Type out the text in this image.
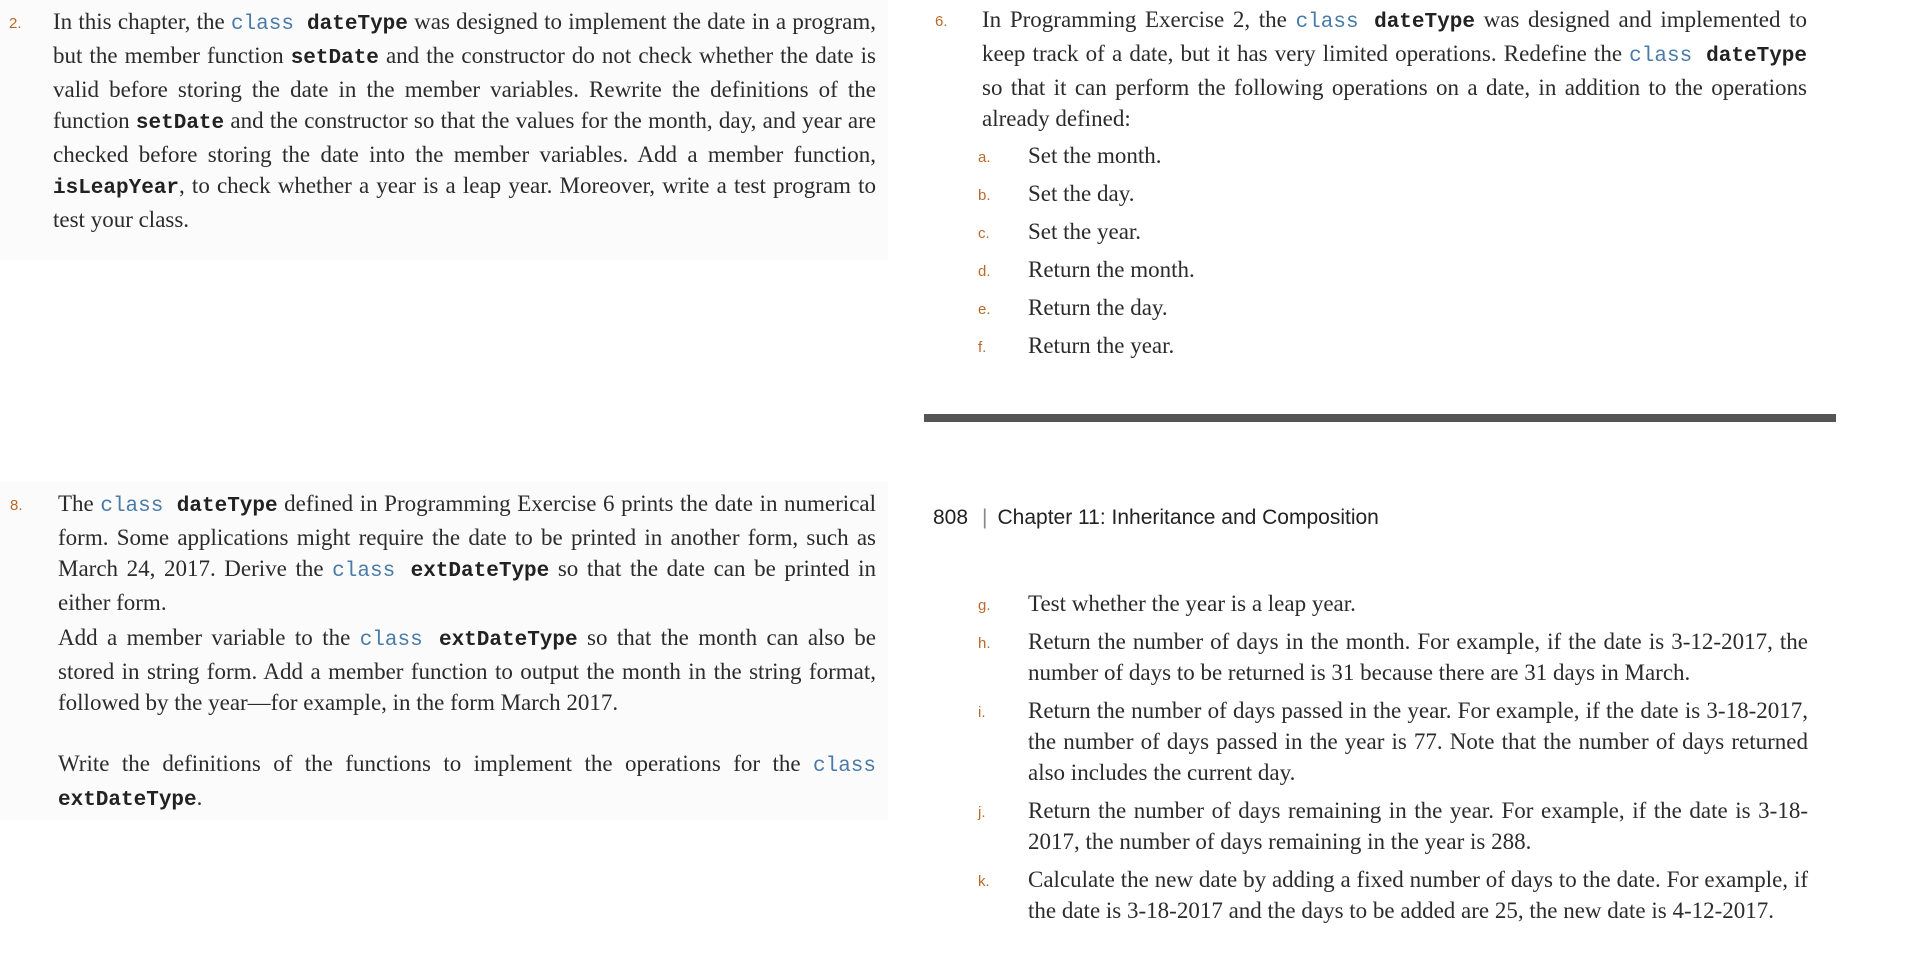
2. In this chapter, the class dateType was designed to implement the date in a program, but the member function setDate and the constructor do not check whether the date is valid before storing the date in the member variables. Rewrite the definitions of the function setDate and the constructor so that the values for the month, day, and year are checked before storing the date into the member variables. Add a member function, isLeapYear, to check whether a year is a leap year. Moreover, write a test program to test your class.

6. In Programming Exercise 2, the class dateType was designed and implemented to keep track of a date, but it has very limited operations. Redefine the class dateType so that it can perform the following operations on a date, in addition to the operations already defined:

a. Set the month.
b. Set the day.
c. Set the year.
d. Return the month.
e. Return the day.
f. Return the year.
8. The class dateType defined in Programming Exercise 6 prints the date in numerical form. Some applications might require the date to be printed in another form, such as March 24, 2017. Derive the class extDateType so that the date can be printed in either form.

Add a member variable to the class extDateType so that the month can also be stored in string form. Add a member function to output the month in the string format, followed by the year—for example, in the form March 2017.

Write the definitions of the functions to implement the operations for the class extDateType.

808 | Chapter 11: Inheritance and Composition
g. Test whether the year is a leap year.
h. Return the number of days in the month. For example, if the date is 3-12-2017, the number of days to be returned is 31 because there are 31 days in March.
i. Return the number of days passed in the year. For example, if the date is 3-18-2017, the number of days passed in the year is 77. Note that the number of days returned also includes the current day.
j. Return the number of days remaining in the year. For example, if the date is 3-18-2017, the number of days remaining in the year is 288.
k. Calculate the new date by adding a fixed number of days to the date. For example, if the date is 3-18-2017 and the days to be added are 25, the new date is 4-12-2017.
